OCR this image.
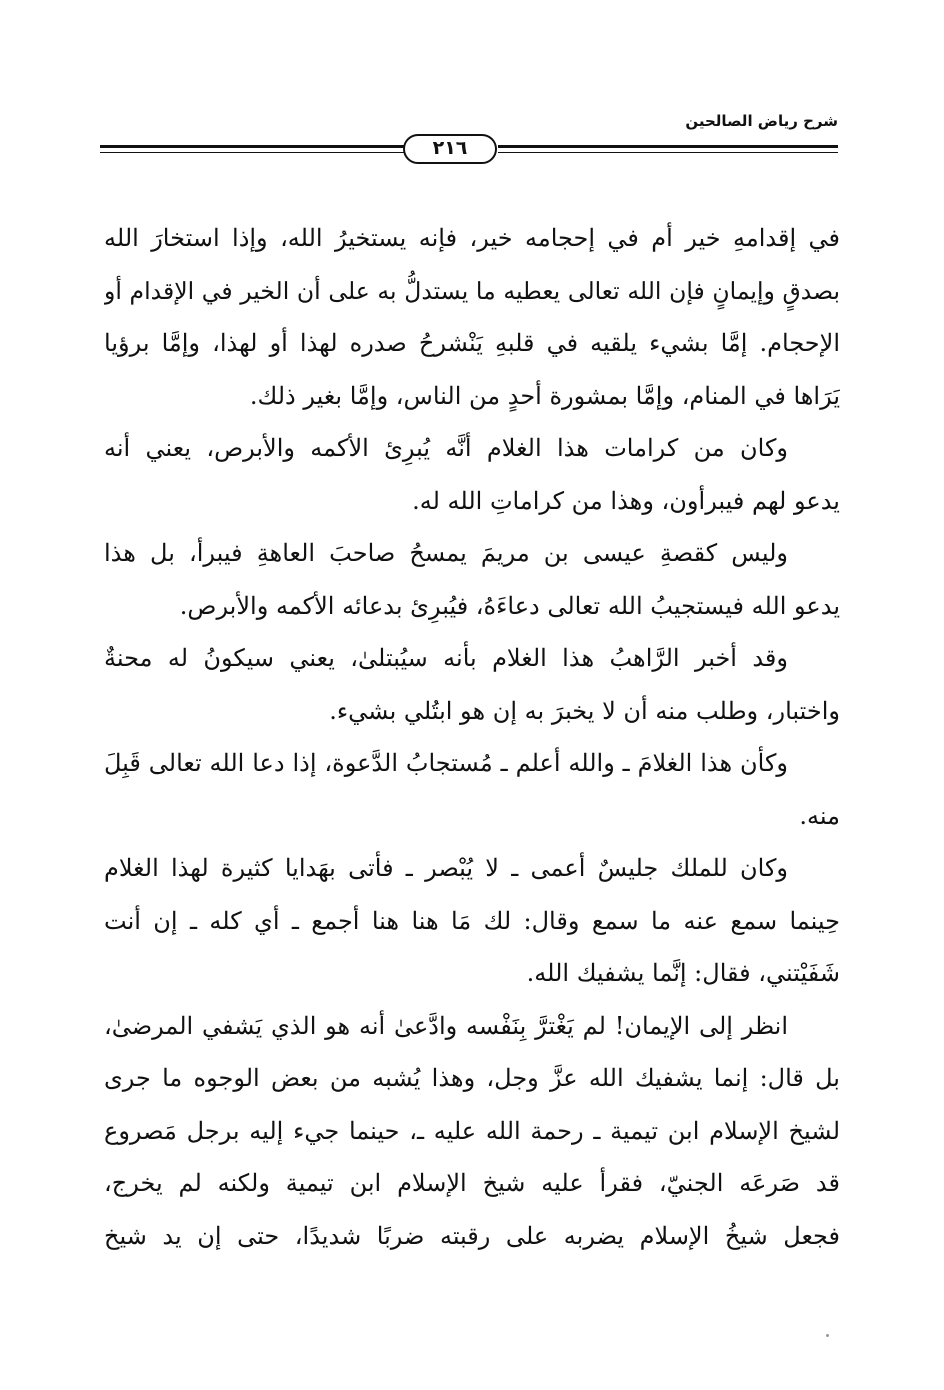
شرح رياض الصالحين
٢١٦
في إقدامهِ خير أم في إحجامه خير، فإنه يستخيرُ الله، وإذا استخارَ الله
بصدقٍ وإيمانٍ فإن الله تعالى يعطيه ما يستدلُّ به على أن الخير في الإقدام أو
الإحجام. إمَّا بشيء يلقيه في قلبهِ يَنْشرحُ صدره لهذا أو لهذا، وإمَّا برؤيا
يَرَاها في المنام، وإمَّا بمشورة أحدٍ من الناس، وإمَّا بغير ذلك.
وكان من كرامات هذا الغلام أنَّه يُبرِئ الأكمه والأبرص، يعني أنه
يدعو لهم فيبرأون، وهذا من كراماتِ الله له.
وليس كقصةِ عيسى بن مريمَ يمسحُ صاحبَ العاهةِ فيبرأ، بل هذا
يدعو الله فيستجيبُ الله تعالى دعاءَهُ، فيُبرِئ بدعائه الأكمه والأبرص.
وقد أخبر الرَّاهبُ هذا الغلام بأنه سيُبتلىٰ، يعني سيكونُ له محنةٌ
واختبار، وطلب منه أن لا يخبرَ به إن هو ابتُلي بشيء.
وكأن هذا الغلامَ ـ والله أعلم ـ مُستجابُ الدَّعوة، إذا دعا الله تعالى قَبِلَ
منه.
وكان للملك جليسٌ أعمى ـ لا يُبْصر ـ فأتى بهَدايا كثيرة لهذا الغلام
حِينما سمع عنه ما سمع وقال: لك مَا هنا هنا أجمع ـ أي كله ـ إن أنت
شَفَيْتني، فقال: إنَّما يشفيك الله.
انظر إلى الإيمان! لم يَغْترَّ بِنَفْسه وادَّعىٰ أنه هو الذي يَشفي المرضىٰ،
بل قال: إنما يشفيك الله عزَّ وجل، وهذا يُشبه من بعض الوجوه ما جرى
لشيخ الإسلام ابن تيمية ـ رحمة الله عليه ـ، حينما جيء إليه برجل مَصروع
قد صَرعَه الجنيّ، فقرأ عليه شيخ الإسلام ابن تيمية ولكنه لم يخرج،
فجعل شيخُ الإسلام يضربه على رقبته ضربًا شديدًا، حتى إن يد شيخ
